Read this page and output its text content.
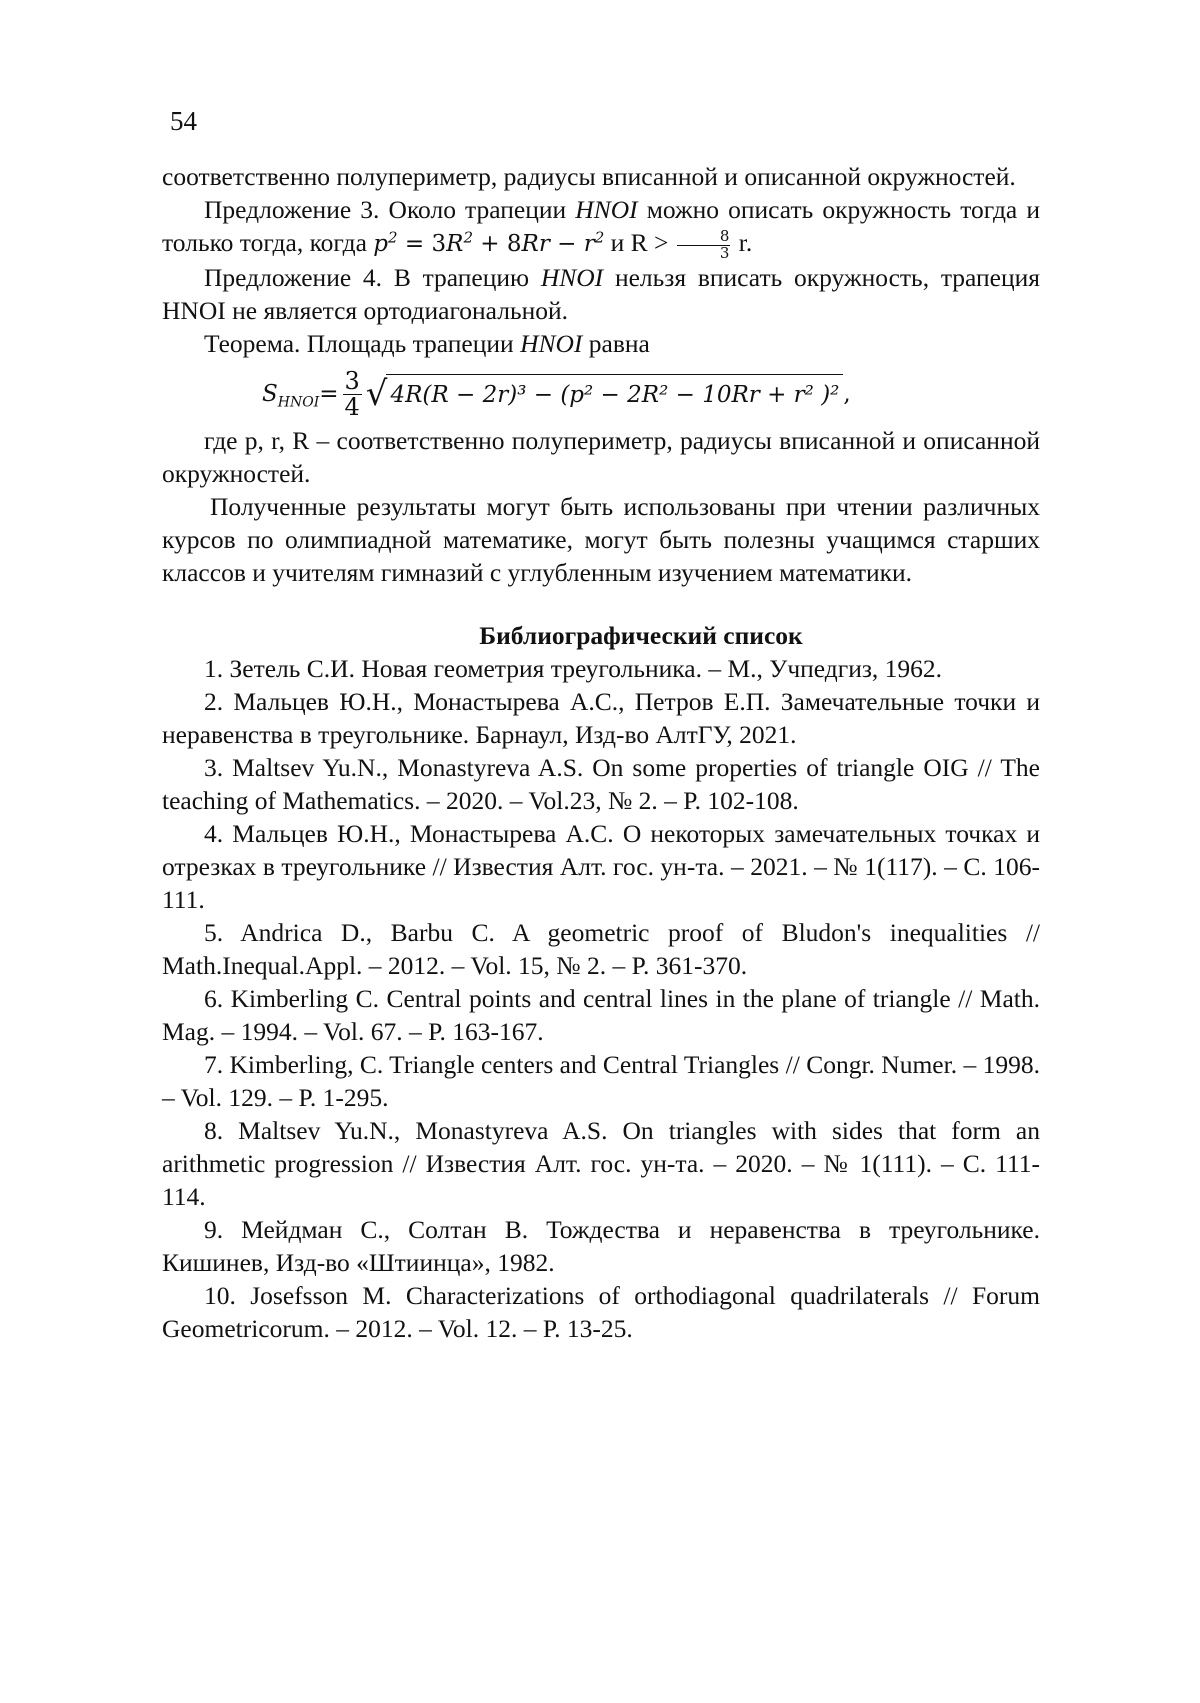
54

соответственно полупериметр, радиусы вписанной и описанной окружностей.

Предложение 3. Около трапеции HNOI можно описать окружность тогда и только тогда, когда p2 = 3R2 + 8Rr − r2 и R >	8
3 r.

Предложение 4. В трапецию HNOI нельзя вписать окружность, трапеция HNOI не является ортодиагональной.

Теорема. Площадь трапеции HNOI равна

SHNOI = 3
4 √ 4R(R − 2r)³ − (p² − 2R² − 10Rr + r² )² ,

где p, r, R – соответственно полупериметр, радиусы вписанной и описанной окружностей.

Полученные результаты могут быть использованы при чтении различных курсов по олимпиадной математике, могут быть полезны учащимся старших классов и учителям гимназий с углубленным изучением математики.

Библиографический список

1. Зетель С.И. Новая геометрия треугольника. – М., Учпедгиз, 1962.

2. Мальцев Ю.Н., Монастырева А.С., Петров Е.П. Замечательные точки и неравенства в треугольнике. Барнаул, Изд-во АлтГУ, 2021.

3. Maltsev Yu.N., Monastyreva A.S. On some properties of triangle OIG // The teaching of Mathematics. – 2020. – Vol.23, № 2. – P. 102-108.

4. Мальцев Ю.Н., Монастырева А.С. О некоторых замечательных точках и отрезках в треугольнике // Известия Алт. гос. ун-та. – 2021. – № 1(117). – С. 106-111.

5. Andrica D., Barbu C. A geometric proof of Bludon's inequalities // Math.Inequal.Appl. – 2012. – Vol. 15, № 2. – P. 361-370.

6. Kimberling C. Central points and central lines in the plane of triangle // Math. Mag. – 1994. – Vol. 67. – P. 163-167.

7. Kimberling, C. Triangle centers and Central Triangles // Congr. Numer. – 1998. – Vol. 129. – P. 1-295.

8. Maltsev Yu.N., Monastyreva A.S. On triangles with sides that form an arithmetic progression // Известия Алт. гос. ун-та. – 2020. – № 1(111). – С. 111-114.

9. Мейдман С., Солтан В. Тождества и неравенства в треугольнике. Кишинев, Изд-во «Штиинца», 1982.

10. Josefsson M. Characterizations of orthodiagonal quadrilaterals // Forum Geometricorum. – 2012. – Vol. 12. – P. 13-25.
